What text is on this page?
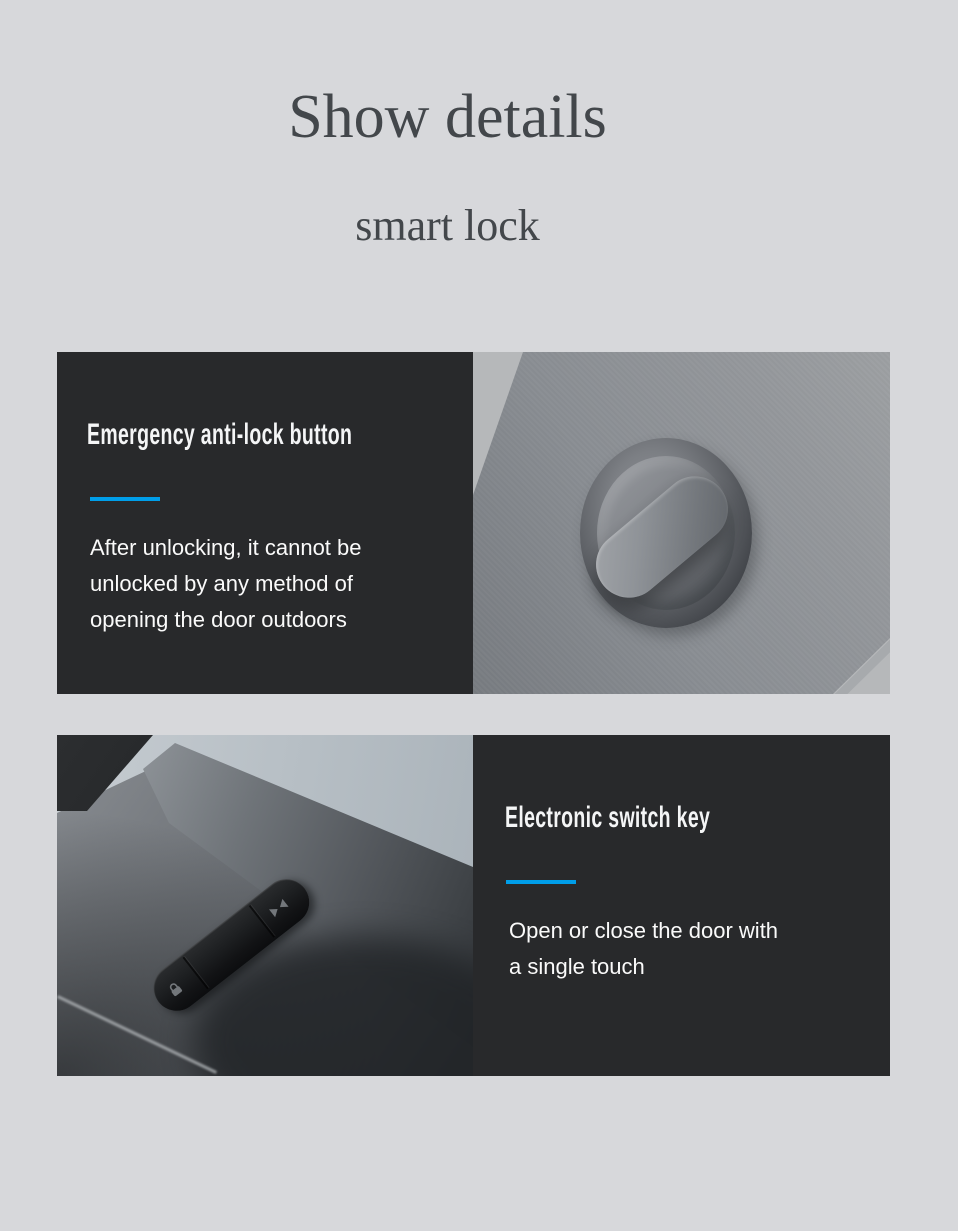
Show details
smart lock
Emergency anti-lock button
After unlocking, it cannot be
unlocked by any method of
opening the door outdoors
Electronic switch key
Open or close the door with
a single touch
